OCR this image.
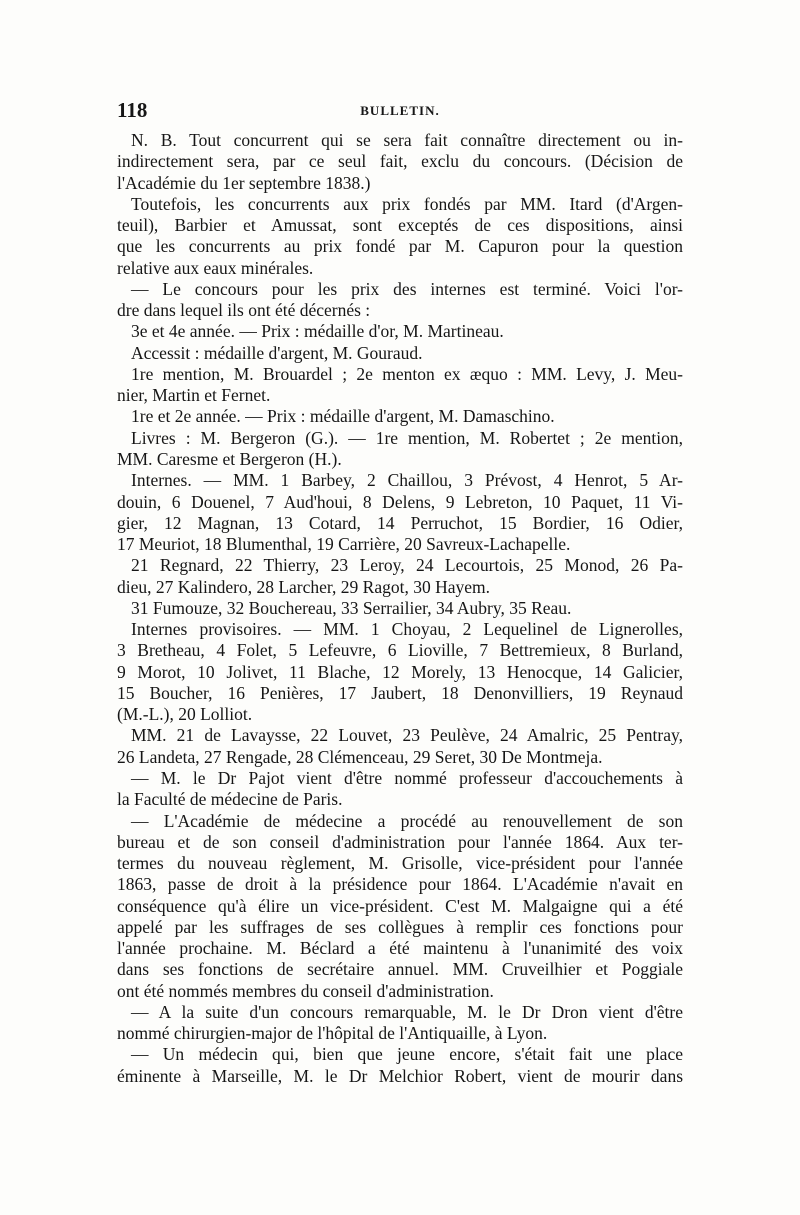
118	BULLETIN.
N. B. Tout concurrent qui se sera fait connaître directement ou in-
indirectement sera, par ce seul fait, exclu du concours. (Décision de
l'Académie du 1er septembre 1838.)
Toutefois, les concurrents aux prix fondés par MM. Itard (d'Argen-
teuil), Barbier et Amussat, sont exceptés de ces dispositions, ainsi
que les concurrents au prix fondé par M. Capuron pour la question
relative aux eaux minérales.
— Le concours pour les prix des internes est terminé. Voici l'or-
dre dans lequel ils ont été décernés :
3e et 4e année. — Prix : médaille d'or, M. Martineau.
Accessit : médaille d'argent, M. Gouraud.
1re mention, M. Brouardel ; 2e menton ex æquo : MM. Levy, J. Meu-
nier, Martin et Fernet.
1re et 2e année. — Prix : médaille d'argent, M. Damaschino.
Livres : M. Bergeron (G.). — 1re mention, M. Robertet ; 2e mention,
MM. Caresme et Bergeron (H.).
Internes. — MM. 1 Barbey, 2 Chaillou, 3 Prévost, 4 Henrot, 5 Ar-
douin, 6 Douenel, 7 Aud'houi, 8 Delens, 9 Lebreton, 10 Paquet, 11 Vi-
gier, 12 Magnan, 13 Cotard, 14 Perruchot, 15 Bordier, 16 Odier,
17 Meuriot, 18 Blumenthal, 19 Carrière, 20 Savreux-Lachapelle.
21 Regnard, 22 Thierry, 23 Leroy, 24 Lecourtois, 25 Monod, 26 Pa-
dieu, 27 Kalindero, 28 Larcher, 29 Ragot, 30 Hayem.
31 Fumouze, 32 Bouchereau, 33 Serrailier, 34 Aubry, 35 Reau.
Internes provisoires. — MM. 1 Choyau, 2 Lequelinel de Lignerolles,
3 Bretheau, 4 Folet, 5 Lefeuvre, 6 Lioville, 7 Bettremieux, 8 Burland,
9 Morot, 10 Jolivet, 11 Blache, 12 Morely, 13 Henocque, 14 Galicier,
15 Boucher, 16 Penières, 17 Jaubert, 18 Denonvilliers, 19 Reynaud
(M.-L.), 20 Lolliot.
MM. 21 de Lavaysse, 22 Louvet, 23 Peulève, 24 Amalric, 25 Pentray,
26 Landeta, 27 Rengade, 28 Clémenceau, 29 Seret, 30 De Montmeja.
— M. le Dr Pajot vient d'être nommé professeur d'accouchements à
la Faculté de médecine de Paris.
— L'Académie de médecine a procédé au renouvellement de son
bureau et de son conseil d'administration pour l'année 1864. Aux ter-
termes du nouveau règlement, M. Grisolle, vice-président pour l'année
1863, passe de droit à la présidence pour 1864. L'Académie n'avait en
conséquence qu'à élire un vice-président. C'est M. Malgaigne qui a été
appelé par les suffrages de ses collègues à remplir ces fonctions pour
l'année prochaine. M. Béclard a été maintenu à l'unanimité des voix
dans ses fonctions de secrétaire annuel. MM. Cruveilhier et Poggiale
ont été nommés membres du conseil d'administration.
— A la suite d'un concours remarquable, M. le Dr Dron vient d'être
nommé chirurgien-major de l'hôpital de l'Antiquaille, à Lyon.
— Un médecin qui, bien que jeune encore, s'était fait une place
éminente à Marseille, M. le Dr Melchior Robert, vient de mourir dans
